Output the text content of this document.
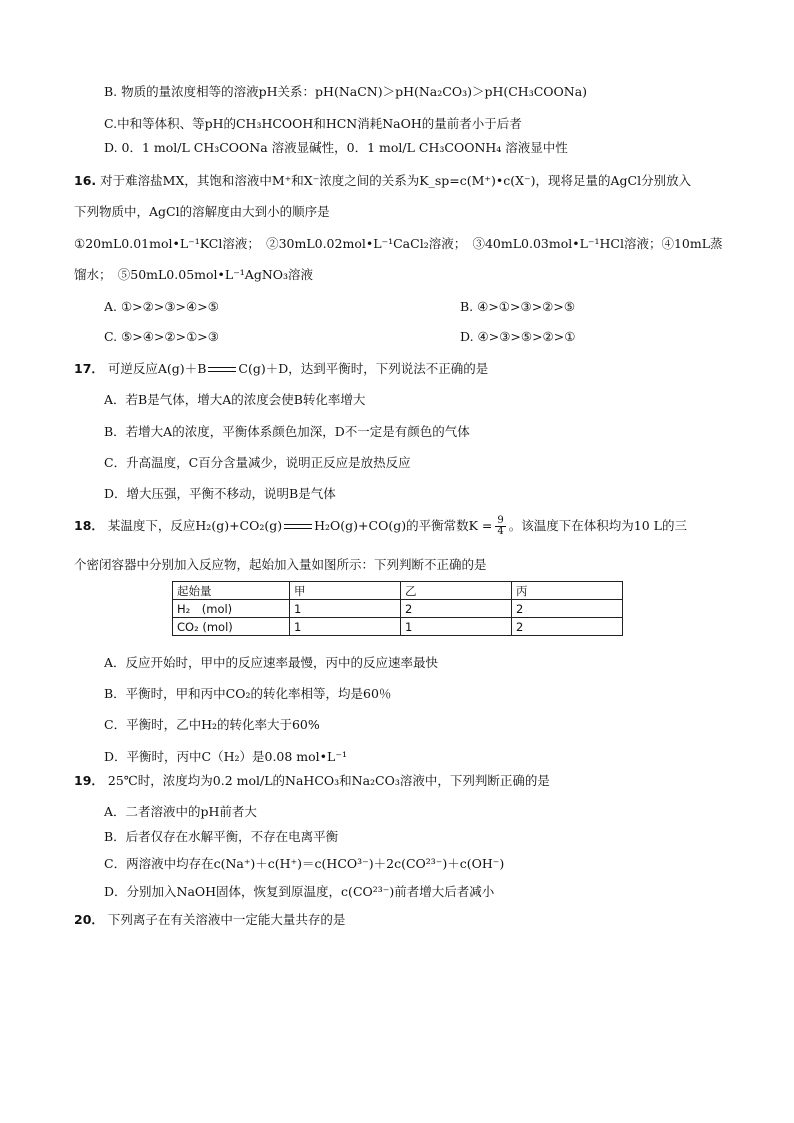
B. 物质的量浓度相等的溶液pH关系：pH(NaCN)＞pH(Na₂CO₃)＞pH(CH₃COONa)
C.中和等体积、等pH的CH₃HCOOH和HCN消耗NaOH的量前者小于后者
D. 0．1 mol/L CH₃COONa 溶液显碱性，0．1 mol/L CH₃COONH₄ 溶液显中性
16. 对于难溶盐MX，其饱和溶液中M⁺和X⁻浓度之间的关系为K_sp=c(M⁺)•c(X⁻)，现将足量的AgCl分别放入
下列物质中，AgCl的溶解度由大到小的顺序是
①20mL0.01mol•L⁻¹KCl溶液；　②30mL0.02mol•L⁻¹CaCl₂溶液；　③40mL0.03mol•L⁻¹HCl溶液；④10mL蒸
馏水；　⑤50mL0.05mol•L⁻¹AgNO₃溶液
A. ①>②>③>④>⑤	B. ④>①>③>②>⑤
C. ⑤>④>②>①>③	D. ④>③>⑤>②>①
17． 可逆反应A(g)＋B	C(g)＋D，达到平衡时，下列说法不正确的是
A．若B是气体，增大A的浓度会使B转化率增大
B．若增大A的浓度，平衡体系颜色加深，D不一定是有颜色的气体
C．升高温度，C百分含量减少，说明正反应是放热反应
D．增大压强，平衡不移动，说明B是气体
18． 某温度下，反应H₂(g)+CO₂(g)	H₂O(g)+CO(g)的平衡常数$K = \frac{9}{4}$ 。该温度下在体积均为10 L的三
个密闭容器中分别加入反应物，起始加入量如图所示：下列判断不正确的是
起始量	甲	乙	丙
H₂　(mol)	1	2	2
CO₂ (mol)	1	1	2
A．反应开始时，甲中的反应速率最慢，丙中的反应速率最快
B．平衡时，甲和丙中CO₂的转化率相等，均是60％
C．平衡时，乙中H₂的转化率大于60%
D．平衡时，丙中C（H₂）是0.08 mol•L⁻¹
19． 25℃时，浓度均为0.2 mol/L的NaHCO₃和Na₂CO₃溶液中，下列判断正确的是
A．二者溶液中的pH前者大
B．后者仅存在水解平衡，不存在电离平衡
C．两溶液中均存在c(Na⁺)＋c(H⁺)＝c(HCO³⁻)＋2c(CO²³⁻)＋c(OH⁻)
D．分别加入NaOH固体，恢复到原温度，c(CO²³⁻)前者增大后者减小
20． 下列离子在有关溶液中一定能大量共存的是
